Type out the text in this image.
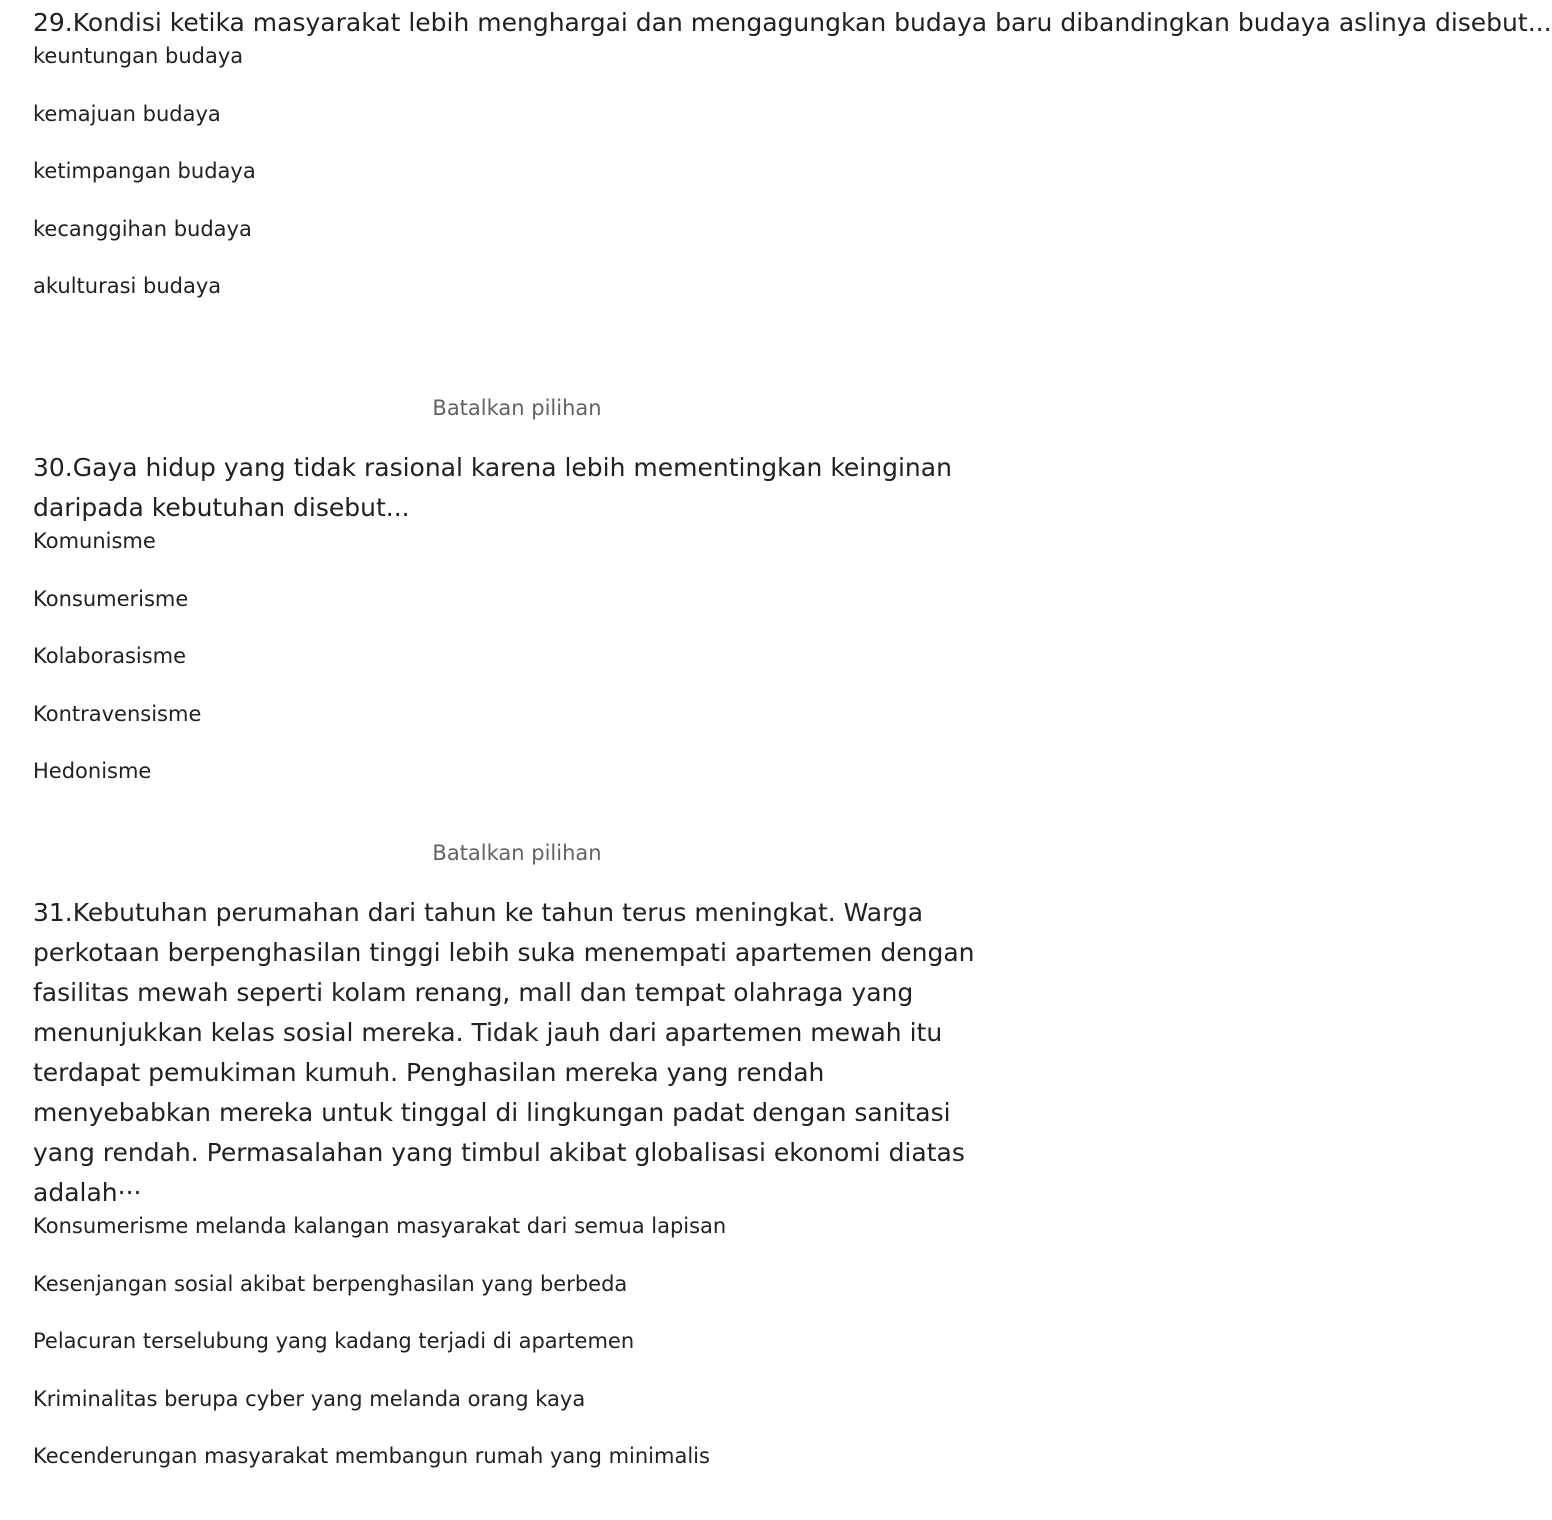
29.Kondisi ketika masyarakat lebih menghargai dan mengagungkan budaya baru dibandingkan budaya aslinya disebut...

keuntungan budaya
kemajuan budaya
ketimpangan budaya
kecanggihan budaya
akulturasi budaya
Batalkan pilihan

30.Gaya hidup yang tidak rasional karena lebih mementingkan keinginan daripada kebutuhan disebut...

Komunisme
Konsumerisme
Kolaborasisme
Kontravensisme
Hedonisme
Batalkan pilihan

31.Kebutuhan perumahan dari tahun ke tahun terus meningkat. Warga perkotaan berpenghasilan tinggi lebih suka menempati apartemen dengan fasilitas mewah seperti kolam renang, mall dan tempat olahraga yang menunjukkan kelas sosial mereka. Tidak jauh dari apartemen mewah itu terdapat pemukiman kumuh. Penghasilan mereka yang rendah menyebabkan mereka untuk tinggal di lingkungan padat dengan sanitasi yang rendah. Permasalahan yang timbul akibat globalisasi ekonomi diatas adalah···

Konsumerisme melanda kalangan masyarakat dari semua lapisan
Kesenjangan sosial akibat berpenghasilan yang berbeda
Pelacuran terselubung yang kadang terjadi di apartemen
Kriminalitas berupa cyber yang melanda orang kaya
Kecenderungan masyarakat membangun rumah yang minimalis
